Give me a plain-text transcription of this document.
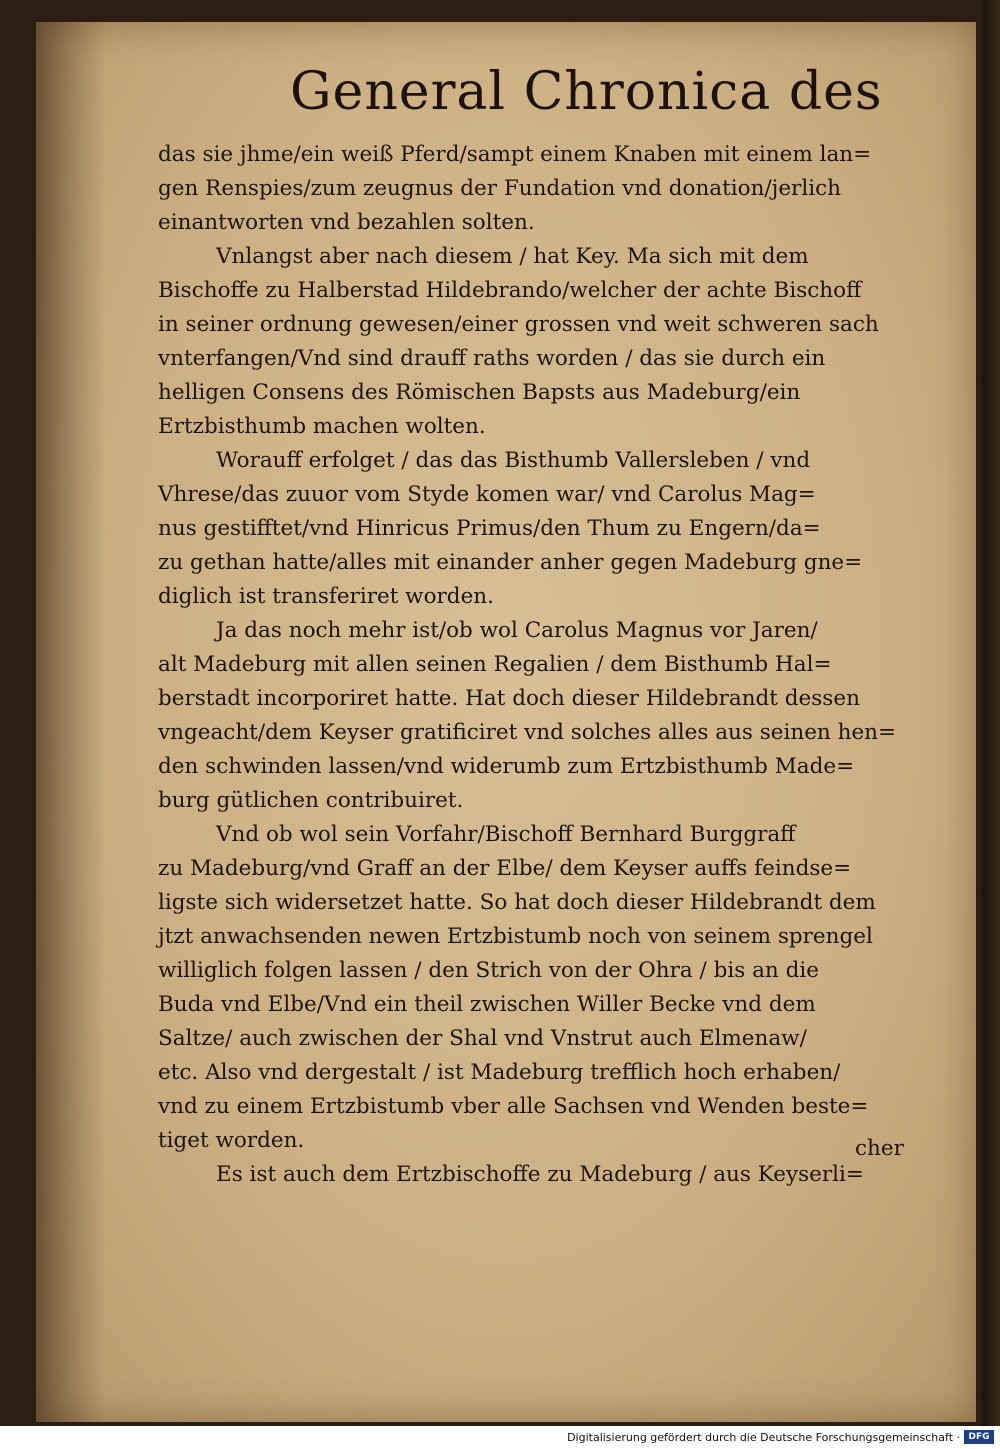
General Chronica des
das sie jhme/ein weiß Pferd/sampt einem Knaben mit einem lan=
gen Renspies/zum zeugnus der Fundation vnd donation/jerlich
einantworten vnd bezahlen solten.
Vnlangst aber nach diesem / hat Key. Ma sich mit dem
Bischoffe zu Halberstad Hildebrando/welcher der achte Bischoff
in seiner ordnung gewesen/einer grossen vnd weit schweren sach
vnterfangen/Vnd sind drauff raths worden / das sie durch ein
helligen Consens des Römischen Bapsts aus Madeburg/ein
Ertzbisthumb machen wolten.
Worauff erfolget / das das Bisthumb Vallersleben / vnd
Vhrese/das zuuor vom Styde komen war/ vnd Carolus Mag=
nus gestifftet/vnd Hinricus Primus/den Thum zu Engern/da=
zu gethan hatte/alles mit einander anher gegen Madeburg gne=
diglich ist transferiret worden.
Ja das noch mehr ist/ob wol Carolus Magnus vor Jaren/
alt Madeburg mit allen seinen Regalien / dem Bisthumb Hal=
berstadt incorporiret hatte. Hat doch dieser Hildebrandt dessen
vngeacht/dem Keyser gratificiret vnd solches alles aus seinen hen=
den schwinden lassen/vnd widerumb zum Ertzbisthumb Made=
burg gütlichen contribuiret.
Vnd ob wol sein Vorfahr/Bischoff Bernhard Burggraff
zu Madeburg/vnd Graff an der Elbe/ dem Keyser auffs feindse=
ligste sich widersetzet hatte. So hat doch dieser Hildebrandt dem
jtzt anwachsenden newen Ertzbistumb noch von seinem sprengel
williglich folgen lassen / den Strich von der Ohra / bis an die
Buda vnd Elbe/Vnd ein theil zwischen Willer Becke vnd dem
Saltze/ auch zwischen der Shal vnd Vnstrut auch Elmenaw/
etc. Also vnd dergestalt / ist Madeburg trefflich hoch erhaben/
vnd zu einem Ertzbistumb vber alle Sachsen vnd Wenden beste=
tiget worden.
Es ist auch dem Ertzbischoffe zu Madeburg / aus Keyserli=
cher
Digitalisierung gefördert durch die Deutsche Forschungsgemeinschaft · DFG
